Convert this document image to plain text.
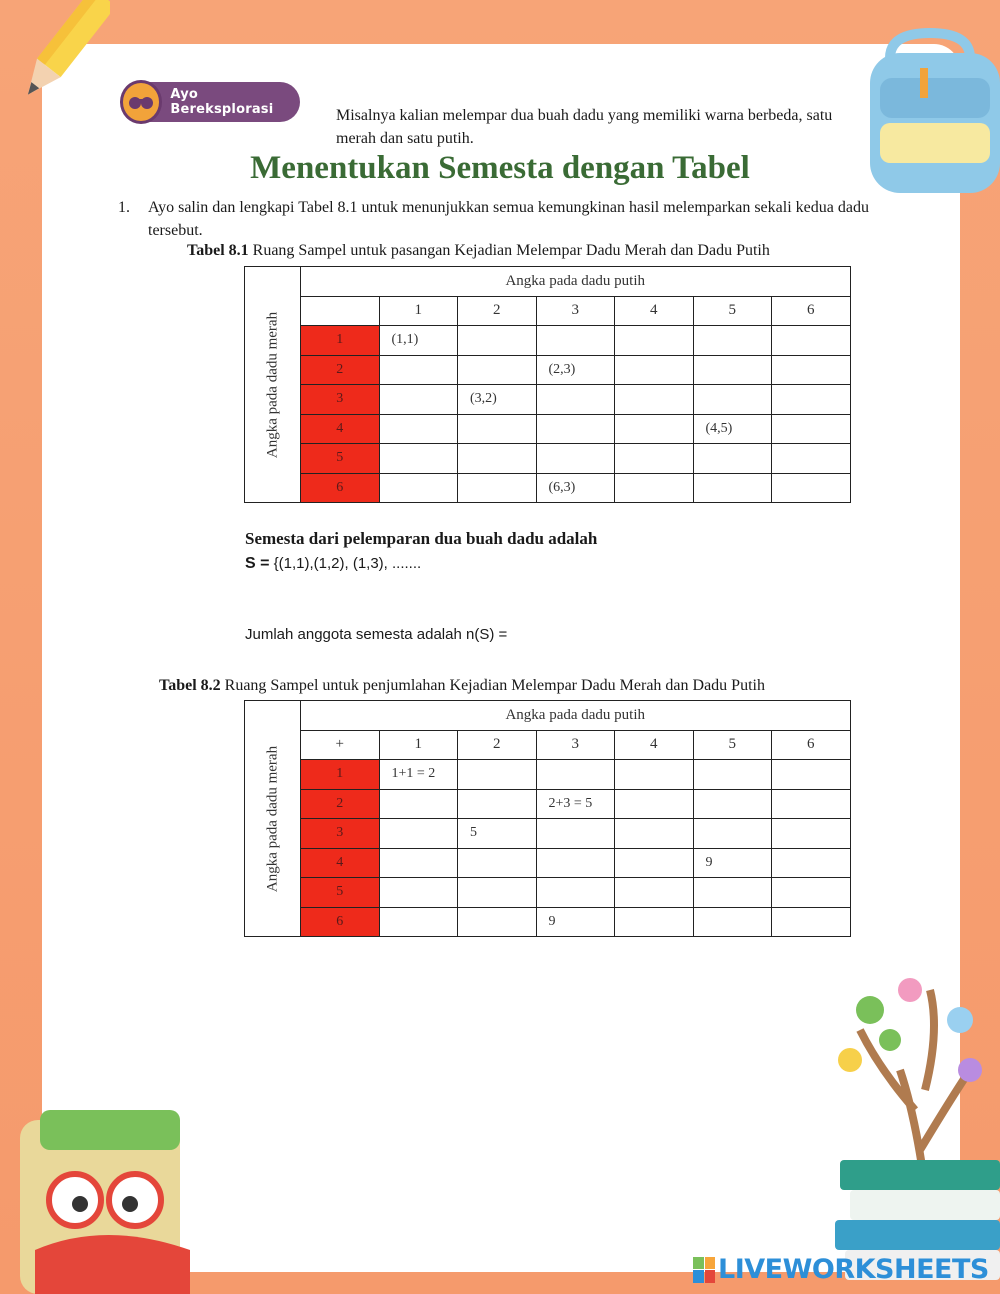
Ayo Bereksplorasi	Misalnya kalian melempar dua buah dadu yang memiliki warna berbeda, satu merah dan satu putih.
Menentukan Semesta dengan Tabel
1. Ayo salin dan lengkapi Tabel 8.1 untuk menunjukkan semua kemungkinan hasil melemparkan sekali kedua dadu tersebut.
Tabel 8.1 Ruang Sampel untuk pasangan Kejadian Melempar Dadu Merah dan Dadu Putih
Angka pada dadu merah	Angka pada dadu putih						
		1	2	3	4	5	6
	1	(1,1)					
	2			(2,3)			
	3		(3,2)				
	4					(4,5)	
	5						
	6			(6,3)			
Semesta dari pelemparan dua buah dadu adalah
S = {(1,1),(1,2), (1,3), .......
Jumlah anggota semesta adalah n(S) =
Tabel 8.2 Ruang Sampel untuk penjumlahan Kejadian Melempar Dadu Merah dan Dadu Putih
Angka pada dadu merah	Angka pada dadu putih						
	+	1	2	3	4	5	6
	1	1+1 = 2					
	2			2+3 = 5			
	3		5				
	4					9	
	5						
	6			9			
LIVEWORKSHEETS
